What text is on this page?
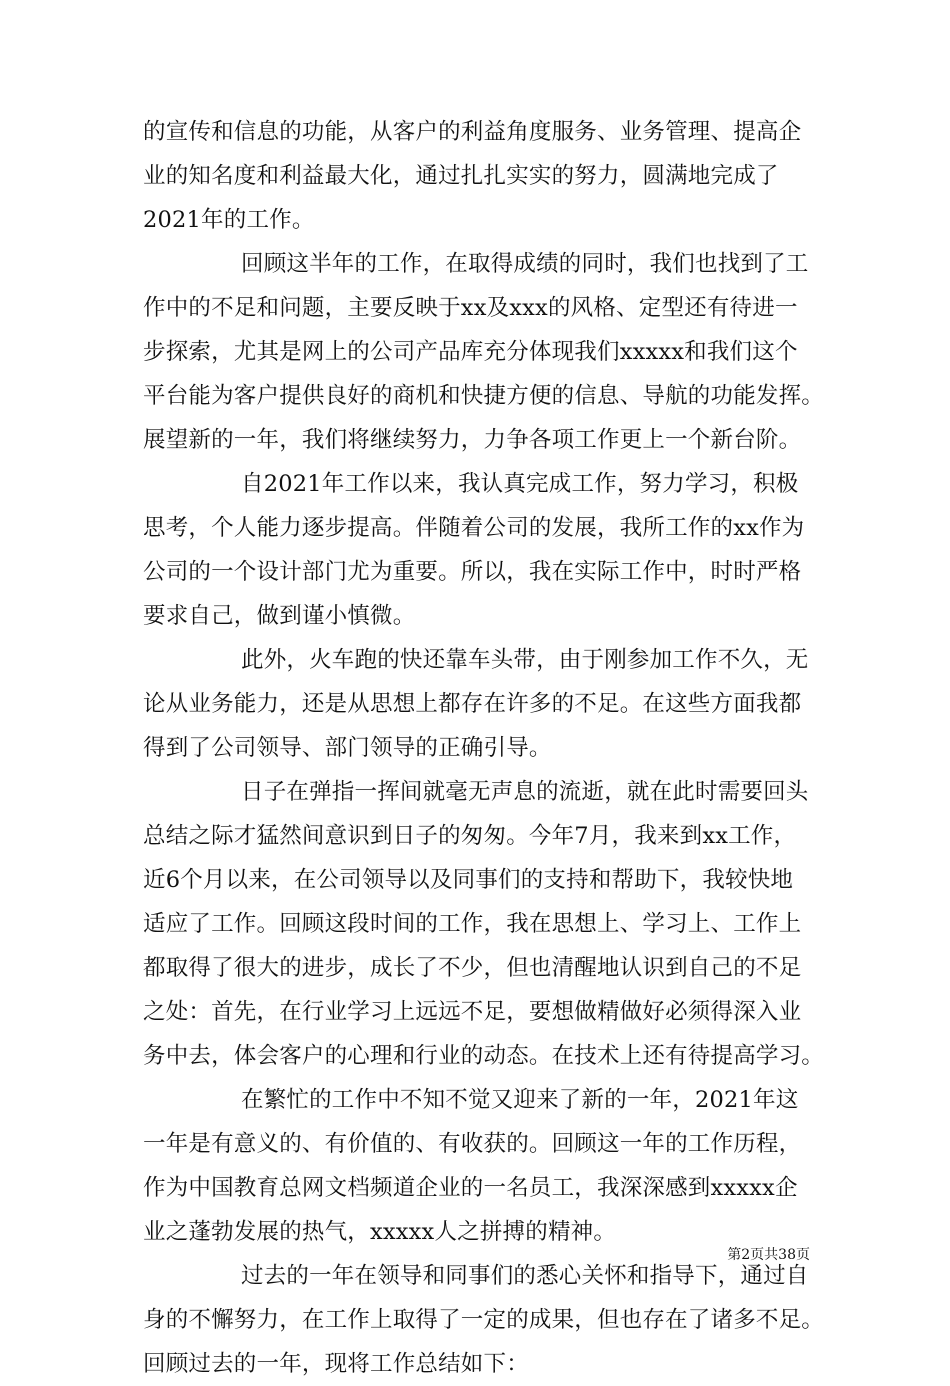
的宣传和信息的功能，从客户的利益角度服务、业务管理、提高企
业的知名度和利益最大化，通过扎扎实实的努力，圆满地完成了
2021年的工作。
回顾这半年的工作，在取得成绩的同时，我们也找到了工
作中的不足和问题，主要反映于xx及xxx的风格、定型还有待进一
步探索，尤其是网上的公司产品库充分体现我们xxxxx和我们这个
平台能为客户提供良好的商机和快捷方便的信息、导航的功能发挥。
展望新的一年，我们将继续努力，力争各项工作更上一个新台阶。
自2021年工作以来，我认真完成工作，努力学习，积极
思考，个人能力逐步提高。伴随着公司的发展，我所工作的xx作为
公司的一个设计部门尤为重要。所以，我在实际工作中，时时严格
要求自己，做到谨小慎微。
此外，火车跑的快还靠车头带，由于刚参加工作不久，无
论从业务能力，还是从思想上都存在许多的不足。在这些方面我都
得到了公司领导、部门领导的正确引导。
日子在弹指一挥间就毫无声息的流逝，就在此时需要回头
总结之际才猛然间意识到日子的匆匆。今年7月，我来到xx工作，
近6个月以来，在公司领导以及同事们的支持和帮助下，我较快地
适应了工作。回顾这段时间的工作，我在思想上、学习上、工作上
都取得了很大的进步，成长了不少，但也清醒地认识到自己的不足
之处：首先，在行业学习上远远不足，要想做精做好必须得深入业
务中去，体会客户的心理和行业的动态。在技术上还有待提高学习。
在繁忙的工作中不知不觉又迎来了新的一年，2021年这
一年是有意义的、有价值的、有收获的。回顾这一年的工作历程，
作为中国教育总网文档频道企业的一名员工，我深深感到xxxxx企
业之蓬勃发展的热气，xxxxx人之拼搏的精神。
过去的一年在领导和同事们的悉心关怀和指导下，通过自
身的不懈努力，在工作上取得了一定的成果，但也存在了诸多不足。
回顾过去的一年，现将工作总结如下：
第2页共38页
